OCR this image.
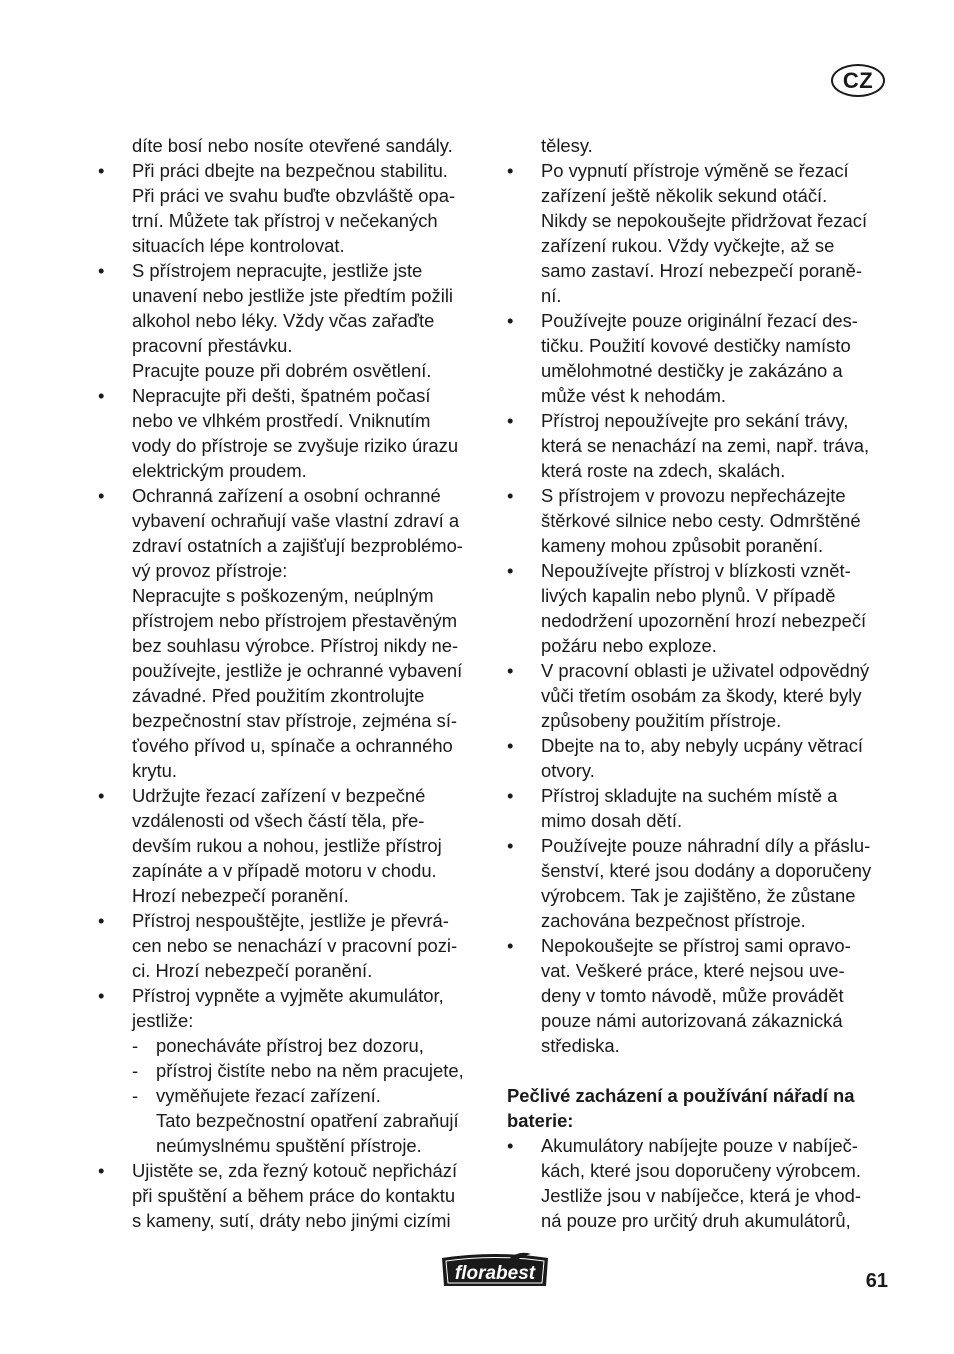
CZ
díte bosí nebo nosíte otevřené sandály.
• Při práci dbejte na bezpečnou stabilitu.
Při práci ve svahu buďte obzvláště opa-
trní. Můžete tak přístroj v nečekaných
situacích lépe kontrolovat.
• S přístrojem nepracujte, jestliže jste
unavení nebo jestliže jste předtím požili
alkohol nebo léky. Vždy včas zařaďte
pracovní přestávku.
Pracujte pouze při dobrém osvětlení.
• Nepracujte při dešti, špatném počasí
nebo ve vlhkém prostředí. Vniknutím
vody do přístroje se zvyšuje riziko úrazu
elektrickým proudem.
• Ochranná zařízení a osobní ochranné
vybavení ochraňují vaše vlastní zdraví a
zdraví ostatních a zajišťují bezproblémo-
vý provoz přístroje:
Nepracujte s poškozeným, neúplným
přístrojem nebo přístrojem přestavěným
bez souhlasu výrobce. Přístroj nikdy ne-
používejte, jestliže je ochranné vybavení
závadné. Před použitím zkontrolujte
bezpečnostní stav přístroje, zejména sí-
ťového přívod u, spínače a ochranného
krytu.
• Udržujte řezací zařízení v bezpečné
vzdálenosti od všech částí těla, pře-
devším rukou a nohou, jestliže přístroj
zapínáte a v případě motoru v chodu.
Hrozí nebezpečí poranění.
• Přístroj nespouštějte, jestliže je převrá-
cen nebo se nenachází v pracovní pozi-
ci. Hrozí nebezpečí poranění.
• Přístroj vypněte a vyjměte akumulátor,
jestliže:
- ponecháváte přístroj bez dozoru,
- přístroj čistíte nebo na něm pracujete,
- vyměňujete řezací zařízení.
Tato bezpečnostní opatření zabraňují
neúmyslnému spuštění přístroje.
• Ujistěte se, zda řezný kotouč nepřichází
při spuštění a během práce do kontaktu
s kameny, sutí, dráty nebo jinými cizími
tělesy.
• Po vypnutí přístroje výměně se řezací
zařízení ještě několik sekund otáčí.
Nikdy se nepokoušejte přidržovat řezací
zařízení rukou. Vždy vyčkejte, až se
samo zastaví. Hrozí nebezpečí poraně-
ní.
• Používejte pouze originální řezací des-
tičku. Použití kovové destičky namísto
umělohmotné destičky je zakázáno a
může vést k nehodám.
• Přístroj nepoužívejte pro sekání trávy,
která se nenachází na zemi, např. tráva,
která roste na zdech, skalách.
• S přístrojem v provozu nepřecházejte
štěrkové silnice nebo cesty. Odmrštěné
kameny mohou způsobit poranění.
• Nepoužívejte přístroj v blízkosti vznět-
livých kapalin nebo plynů. V případě
nedodržení upozornění hrozí nebezpečí
požáru nebo exploze.
• V pracovní oblasti je uživatel odpovědný
vůči třetím osobám za škody, které byly
způsobeny použitím přístroje.
• Dbejte na to, aby nebyly ucpány větrací
otvory.
• Přístroj skladujte na suchém místě a
mimo dosah dětí.
• Používejte pouze náhradní díly a přáslu-
šenství, které jsou dodány a doporučeny
výrobcem. Tak je zajištěno, že zůstane
zachována bezpečnost přístroje.
• Nepokoušejte se přístroj sami opravo-
vat. Veškeré práce, které nejsou uve-
deny v tomto návodě, může provádět
pouze námi autorizovaná zákaznická
střediska.
Pečlivé zacházení a používání nářadí na
baterie:
• Akumulátory nabíjejte pouze v nabíječ-
kách, které jsou doporučeny výrobcem.
Jestliže jsou v nabíječce, která je vhod-
ná pouze pro určitý druh akumulátorů,
florabest	61
